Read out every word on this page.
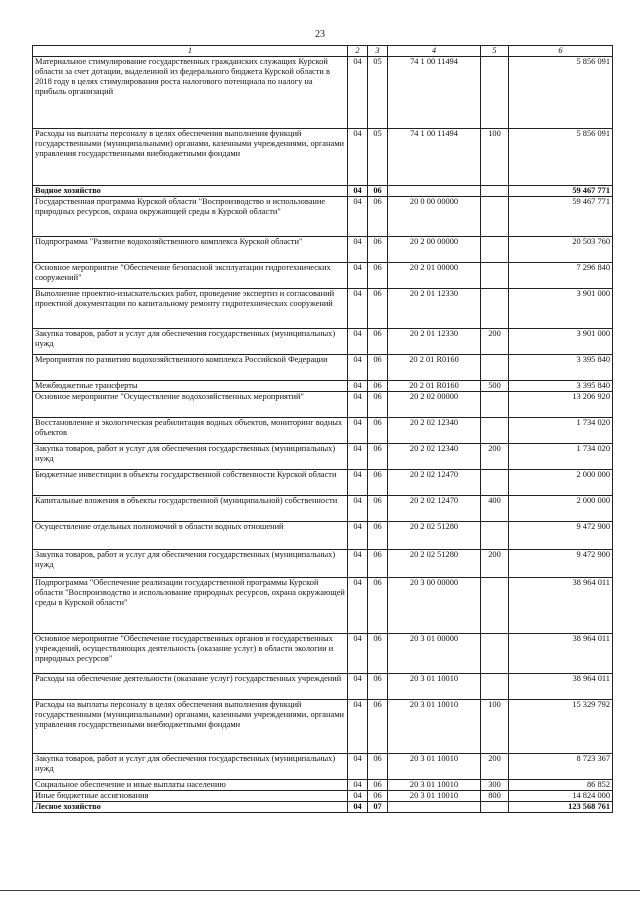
23
1	2	3	4	5	6
Материальное стимулирование государственных гражданских служащих Курской области за счет дотации, выделенной из федерального бюджета Курской области в 2018 году в целях стимулирования роста налогового потенциала по налогу на прибыль организаций	04	05	74 1 00 11494		5 856 091
Расходы на выплаты персоналу в целях обеспечения выполнения функций государственными (муниципальными) органами, казенными учреждениями, органами управления государственными внебюджетными фондами	04	05	74 1 00 11494	100	5 856 091
Водное хозяйство	04	06			59 467 771
Государственная программа Курской области "Воспроизводство и использование природных ресурсов, охрана окружающей среды в Курской области"	04	06	20 0 00 00000		59 467 771
Подпрограмма "Развитие водохозяйственного комплекса Курской области"	04	06	20 2 00 00000		20 503 760
Основное мероприятие "Обеспечение безопасной эксплуатации гидротехнических сооружений"	04	06	20 2 01 00000		7 296 840
Выполнение проектно-изыскательских работ, проведение экспертиз и согласований проектной документации по капитальному ремонту гидротехнических сооружений	04	06	20 2 01 12330		3 901 000
Закупка товаров, работ и услуг для обеспечения государственных (муниципальных) нужд	04	06	20 2 01 12330	200	3 901 000
Мероприятия по развитию водохозяйственного комплекса Российской Федерации	04	06	20 2 01 R0160		3 395 840
Межбюджетные трансферты	04	06	20 2 01 R0160	500	3 395 840
Основное мероприятие "Осуществление водохозяйственных мероприятий"	04	06	20 2 02 00000		13 206 920
Восстановление и экологическая реабилитация водных объектов, мониторинг водных объектов	04	06	20 2 02 12340		1 734 020
Закупка товаров, работ и услуг для обеспечения государственных (муниципальных) нужд	04	06	20 2 02 12340	200	1 734 020
Бюджетные инвестиции в объекты государственной собственности Курской области	04	06	20 2 02 12470		2 000 000
Капитальные вложения в объекты государственной (муниципальной) собственности	04	06	20 2 02 12470	400	2 000 000
Осуществление отдельных полномочий в области водных отношений	04	06	20 2 02 51280		9 472 900
Закупка товаров, работ и услуг для обеспечения государственных (муниципальных) нужд	04	06	20 2 02 51280	200	9 472 900
Подпрограмма "Обеспечение реализации государственной программы Курской области "Воспроизводство и использование природных ресурсов, охрана окружающей среды в Курской области"	04	06	20 3 00 00000		38 964 011
Основное мероприятие "Обеспечение государственных органов и государственных учреждений, осуществляющих деятельность (оказание услуг) в области экологии и природных ресурсов"	04	06	20 3 01 00000		38 964 011
Расходы на обеспечение деятельности (оказание услуг) государственных учреждений	04	06	20 3 01 10010		38 964 011
Расходы на выплаты персоналу в целях обеспечения выполнения функций государственными (муниципальными) органами, казенными учреждениями, органами управления государственными внебюджетными фондами	04	06	20 3 01 10010	100	15 329 792
Закупка товаров, работ и услуг для обеспечения государственных (муниципальных) нужд	04	06	20 3 01 10010	200	8 723 367
Социальное обеспечение и иные выплаты населению	04	06	20 3 01 10010	300	86 852
Иные бюджетные ассигнования	04	06	20 3 01 10010	800	14 824 000
Лесное хозяйство	04	07			123 568 761
